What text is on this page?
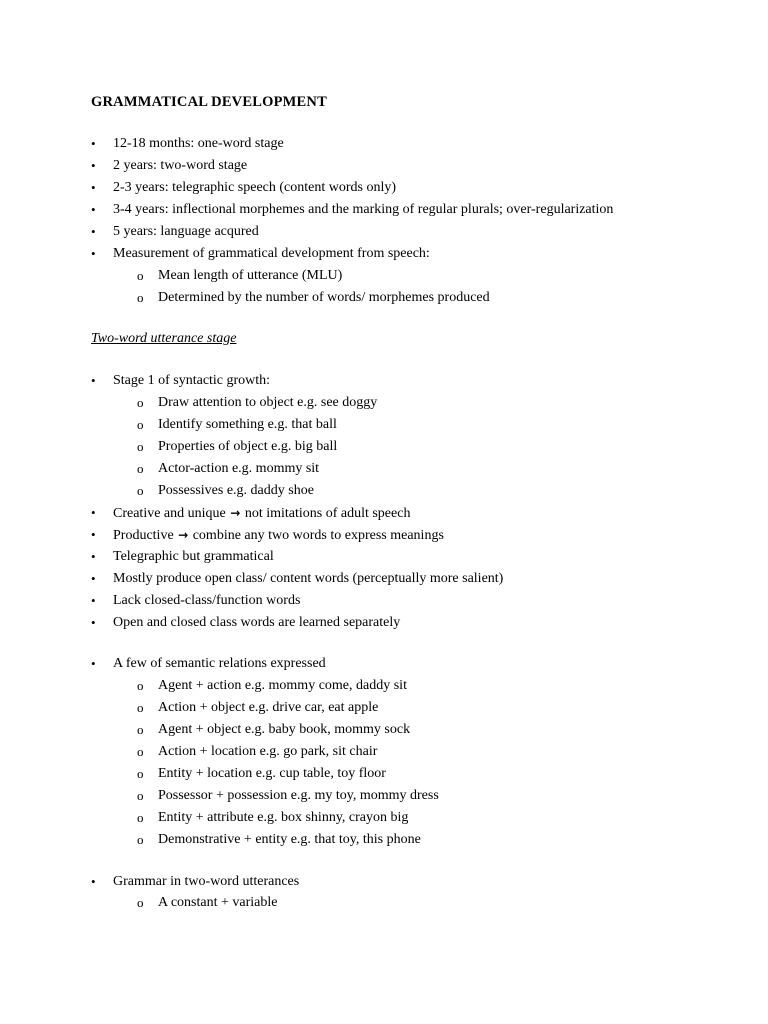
GRAMMATICAL DEVELOPMENT
• 12-18 months: one-word stage
• 2 years: two-word stage
• 2-3 years: telegraphic speech (content words only)
• 3-4 years: inflectional morphemes and the marking of regular plurals; over-regularization
• 5 years: language acqured
• Measurement of grammatical development from speech:
o Mean length of utterance (MLU)
o Determined by the number of words/ morphemes produced
Two-word utterance stage
• Stage 1 of syntactic growth:
o Draw attention to object e.g. see doggy
o Identify something e.g. that ball
o Properties of object e.g. big ball
o Actor-action e.g. mommy sit
o Possessives e.g. daddy shoe
• Creative and unique → not imitations of adult speech
• Productive → combine any two words to express meanings
• Telegraphic but grammatical
• Mostly produce open class/ content words (perceptually more salient)
• Lack closed-class/function words
• Open and closed class words are learned separately
• A few of semantic relations expressed
o Agent + action e.g. mommy come, daddy sit
o Action + object e.g. drive car, eat apple
o Agent + object e.g. baby book, mommy sock
o Action + location e.g. go park, sit chair
o Entity + location e.g. cup table, toy floor
o Possessor + possession e.g. my toy, mommy dress
o Entity + attribute e.g. box shinny, crayon big
o Demonstrative + entity e.g. that toy, this phone
• Grammar in two-word utterances
o A constant + variable
